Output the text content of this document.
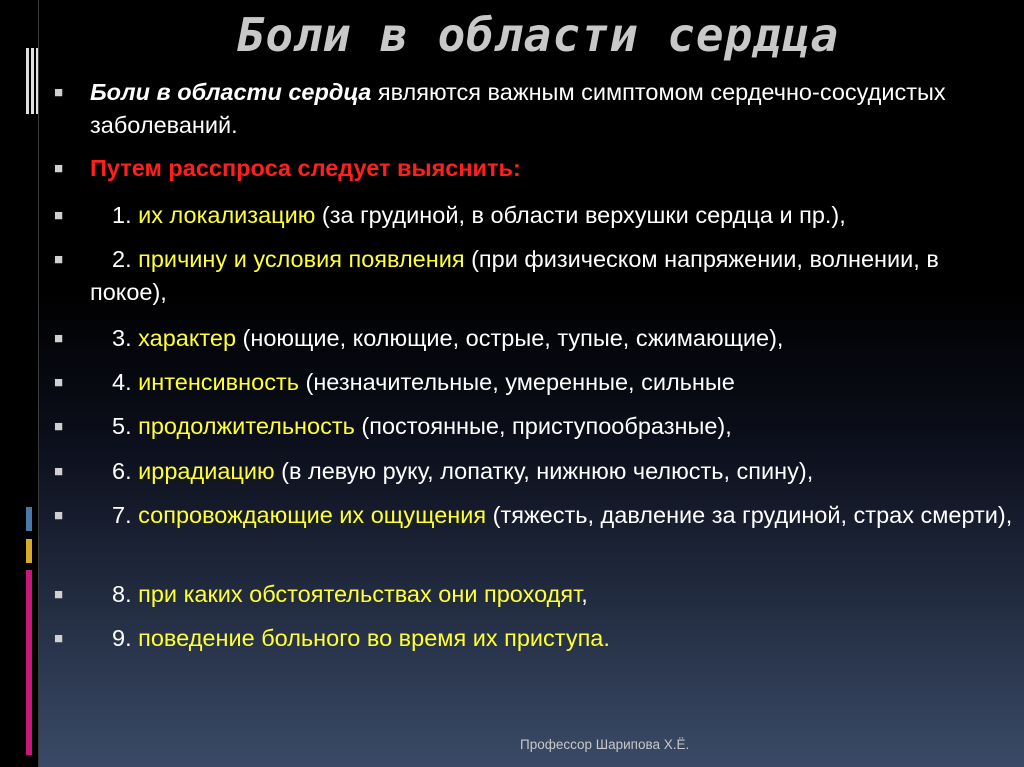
Боли в области сердца
■ Боли в области сердца являются важным симптомом сердечно-сосудистых заболеваний.
■ Путем расспроса следует выяснить:
■	1. их локализацию (за грудиной, в области верхушки сердца и пр.),
■	2. причину и условия появления (при физическом напряжении, волнении, в покое),
■	3. характер (ноющие, колющие, острые, тупые, сжимающие),
■	4. интенсивность (незначительные, умеренные, сильные
■	5. продолжительность (постоянные, приступообразные),
■	6. иррадиацию (в левую руку, лопатку, нижнюю челюсть, спину),
■	7. сопровождающие их ощущения (тяжесть, давление за грудиной, страх смерти),
■	8. при каких обстоятельствах они проходят,
■	9. поведение больного во время их приступа.
Профессор Шарипова Х.Ё.
